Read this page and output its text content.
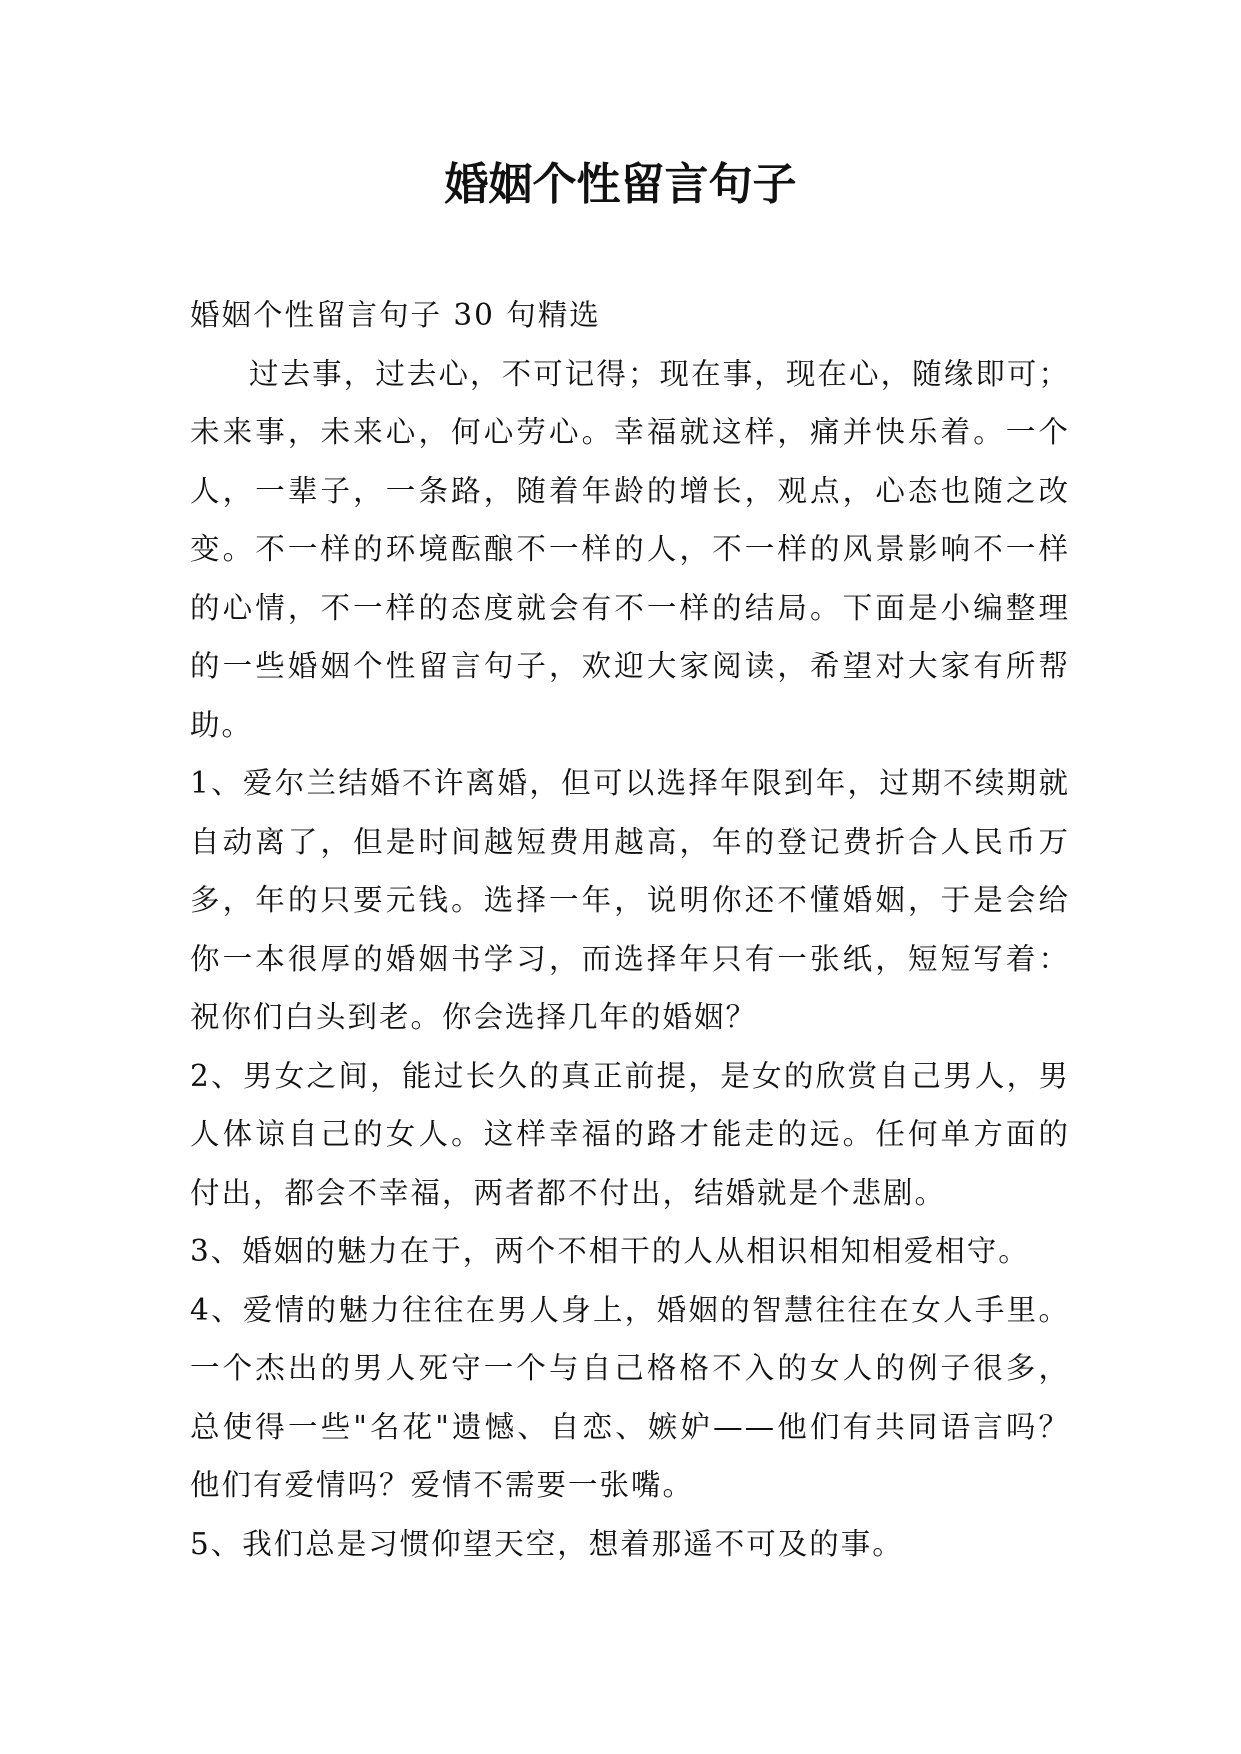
婚姻个性留言句子

婚姻个性留言句子 30 句精选

过去事，过去心，不可记得；现在事，现在心，随缘即可；未来事，未来心，何心劳心。幸福就这样，痛并快乐着。一个人，一辈子，一条路，随着年龄的增长，观点，心态也随之改变。不一样的环境酝酿不一样的人，不一样的风景影响不一样的心情，不一样的态度就会有不一样的结局。下面是小编整理的一些婚姻个性留言句子，欢迎大家阅读，希望对大家有所帮助。

1、爱尔兰结婚不许离婚，但可以选择年限到年，过期不续期就自动离了，但是时间越短费用越高，年的登记费折合人民币万多，年的只要元钱。选择一年，说明你还不懂婚姻，于是会给你一本很厚的婚姻书学习，而选择年只有一张纸，短短写着：祝你们白头到老。你会选择几年的婚姻？

2、男女之间，能过长久的真正前提，是女的欣赏自己男人，男人体谅自己的女人。这样幸福的路才能走的远。任何单方面的付出，都会不幸福，两者都不付出，结婚就是个悲剧。

3、婚姻的魅力在于，两个不相干的人从相识相知相爱相守。

4、爱情的魅力往往在男人身上，婚姻的智慧往往在女人手里。一个杰出的男人死守一个与自己格格不入的女人的例子很多，总使得一些"名花"遗憾、自恋、嫉妒——他们有共同语言吗？他们有爱情吗？爱情不需要一张嘴。

5、我们总是习惯仰望天空，想着那遥不可及的事。
